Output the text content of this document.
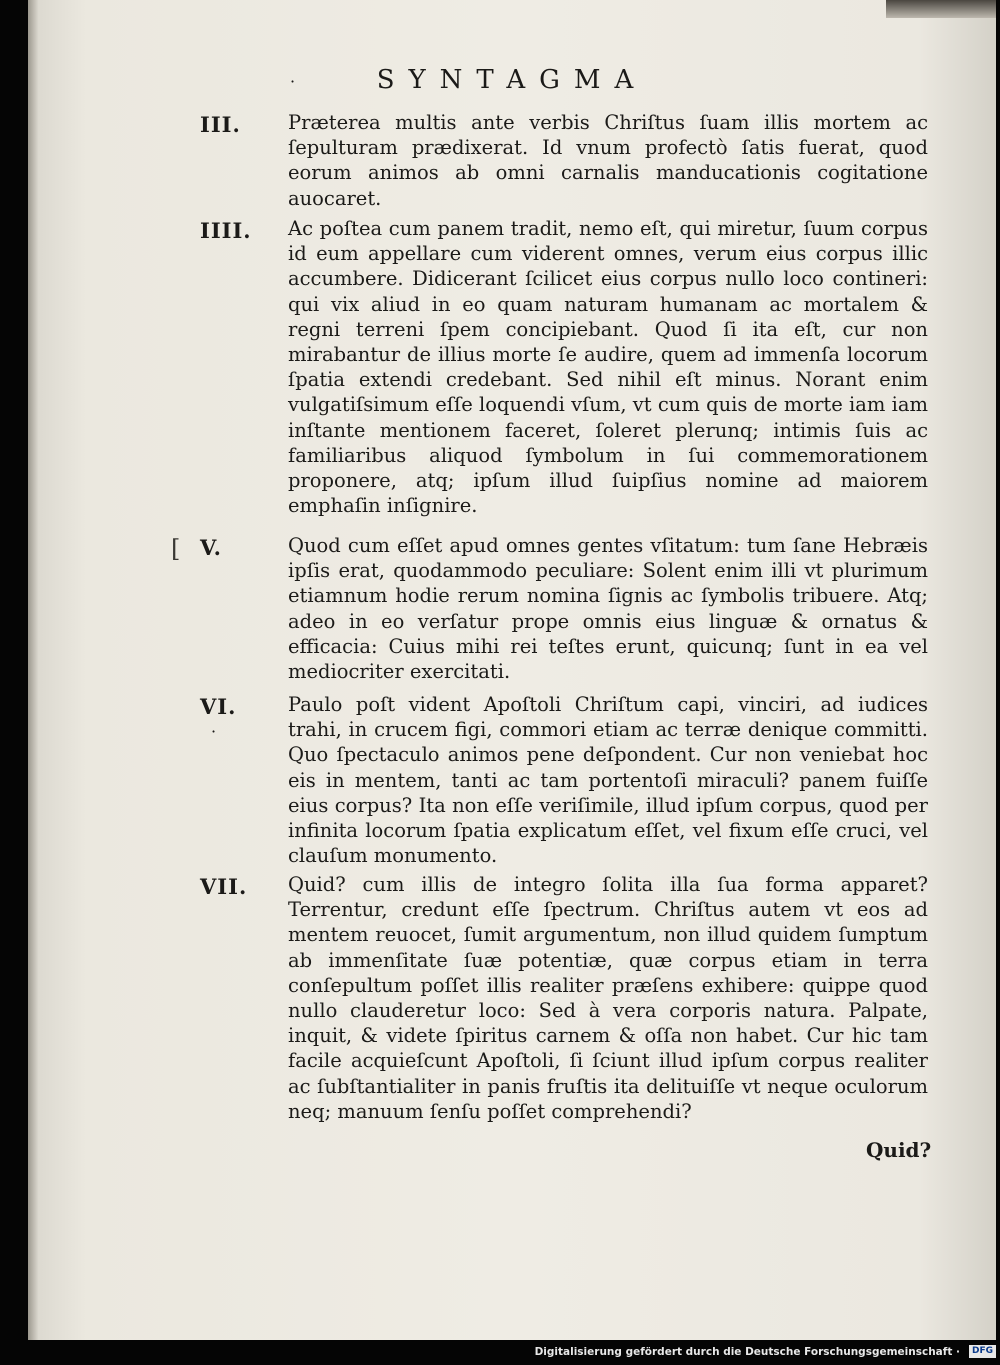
·	SYNTAGMA
III. Præterea multis ante verbis Chriſtus ſuam illis mortem ac ſepulturam prædixerat. Id vnum profectò ſatis fuerat, quod eorum animos ab omni carnalis manducationis cogitatione auocaret.
IIII. Ac poſtea cum panem tradit, nemo eſt, qui miretur, ſuum corpus id eum appellare cum viderent omnes, verum eius corpus illic accumbere. Didicerant ſcilicet eius corpus nullo loco contineri: qui vix aliud in eo quam naturam humanam ac mortalem & regni terreni ſpem concipiebant. Quod ſi ita eſt, cur non mirabantur de illius morte ſe audire, quem ad immenſa locorum ſpatia extendi credebant. Sed nihil eſt minus. Norant enim vulgatiſsimum eſſe loquendi vſum, vt cum quis de morte iam iam inſtante mentionem faceret, ſoleret plerunq; intimis ſuis ac familiaribus aliquod ſymbolum in ſui commemorationem proponere, atq; ipſum illud ſuipſius nomine ad maiorem emphaſin inſignire.
[ V.	Quod cum eſſet apud omnes gentes vſitatum: tum ſane Hebræis ipſis erat, quodammodo peculiare: Solent enim illi vt plurimum etiamnum hodie rerum nomina ſignis ac ſymbolis tribuere. Atq; adeo in eo verſatur prope omnis eius linguæ & ornatus & efficacia: Cuius mihi rei teſtes erunt, quicunq; ſunt in ea vel mediocriter exercitati.
·
VI.	Paulo poſt vident Apoſtoli Chriſtum capi, vinciri, ad iudices trahi, in crucem figi, commori etiam ac terræ denique committi. Quo ſpectaculo animos pene deſpondent. Cur non veniebat hoc eis in mentem, tanti ac tam portentoſi miraculi? panem fuiſſe eius corpus? Ita non eſſe veriſimile, illud ipſum corpus, quod per infinita locorum ſpatia explicatum eſſet, vel fixum eſſe cruci, vel clauſum monumento.
VII. Quid? cum illis de integro ſolita illa ſua forma apparet? Terrentur, credunt eſſe ſpectrum. Chriſtus autem vt eos ad mentem reuocet, ſumit argumentum, non illud quidem ſumptum ab immenſitate ſuæ potentiæ, quæ corpus etiam in terra conſepultum poſſet illis realiter præſens exhibere: quippe quod nullo clauderetur loco: Sed à vera corporis natura. Palpate, inquit, & videte ſpiritus carnem & oſſa non habet. Cur hic tam facile acquieſcunt Apoſtoli, ſi ſciunt illud ipſum corpus realiter ac ſubſtantialiter in panis fruſtis ita delituiſſe vt neque oculorum neq; manuum ſenſu poſſet comprehendi?
Quid?
Digitalisierung gefördert durch die Deutsche Forschungsgemeinschaft ·	DFG
